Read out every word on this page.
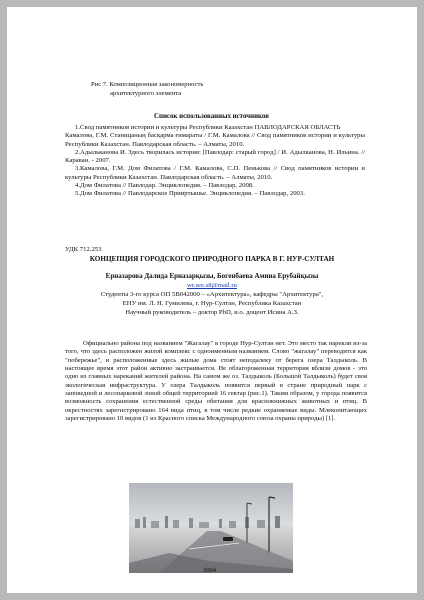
Рис 7. Композиционная закономерность
архитектурного элемента
Список использованных источников

1.Свод памятников истории и культуры Республики Казахстан ПАВЛОДАРСКАЯ ОБЛАСТЬ

Камалова, Г.М. Станицаның басқарма ғимараты / Г.М. Камалова // Свод памятников истории и культуры Республики Казахстан. Павлодарская область. – Алматы, 2010.

2.Адыльканова И. Здесь творилась история: [Павлодар: старый город] / И. Адылканова, Н. Ильина. // Караван. - 2007.

3.Камалова, Г.М. Дом Филатова / Г.М. Камалова, С.П. Пенькова // Свод памятников истории и культуры Республики Казахстан. Павлодарская область. – Алматы, 2010.

4.Дом Филатова // Павлодар. Энциклопедия. – Павлодар, 2008.

5.Дом Филатова // Павлодарское Прииртышье. Энциклопедия. – Павлодар, 2003.

УДК 712.253
КОНЦЕПЦИЯ ГОРОДСКОГО ПРИРОДНОГО ПАРКА В Г. НУР-СУЛТАН
Ерназарова Далида Ерназарқызы, Богенбаева Амина Ерубайқызы
wr.see.s8@mail.ru
Студенты 3-го курса ОП 5В042000 – «Архитектура», кафедры "Архитектура",
ЕНУ им. Л. Н. Гумилева, г. Нур-Султан, Республика Казахстан
Научный руководитель – доктор PhD, и.о. доцент Исина А.З.

Официально района под названием "Жагалау" в городе Нур-Султан нет. Это место так нарекли из-за того, что здесь расположен жилой комплекс с одноименным названием. Слово "жагалау" переводится как "побережье", и расположенные здесь жилые дома стоят неподалеку от берега озера Талдыколь. В настоящее время этот район активно застраивается. Не облагороженная территория вблизи домов - это одно из главных нареканий жителей района. На самом же оз. Талдыколь (Большой Талдыколь) будет своя экологическая инфраструктура. У озера Талдыколь появится первый в стране природный парк с заповедной и лесопарковой зоной общей территорией 16 гектар (рис.1). Таким образом, у города появится возможность сохранения естественной среды обитания для краснокнижных животных и птиц. В окрестностях зарегистрировано 164 вида птиц, в том числе редкие охраняемые виды. Млекопитающих зарегистрировано 10 видов (1 из Красного списка Международного союза охраны природы) [1].

3004
